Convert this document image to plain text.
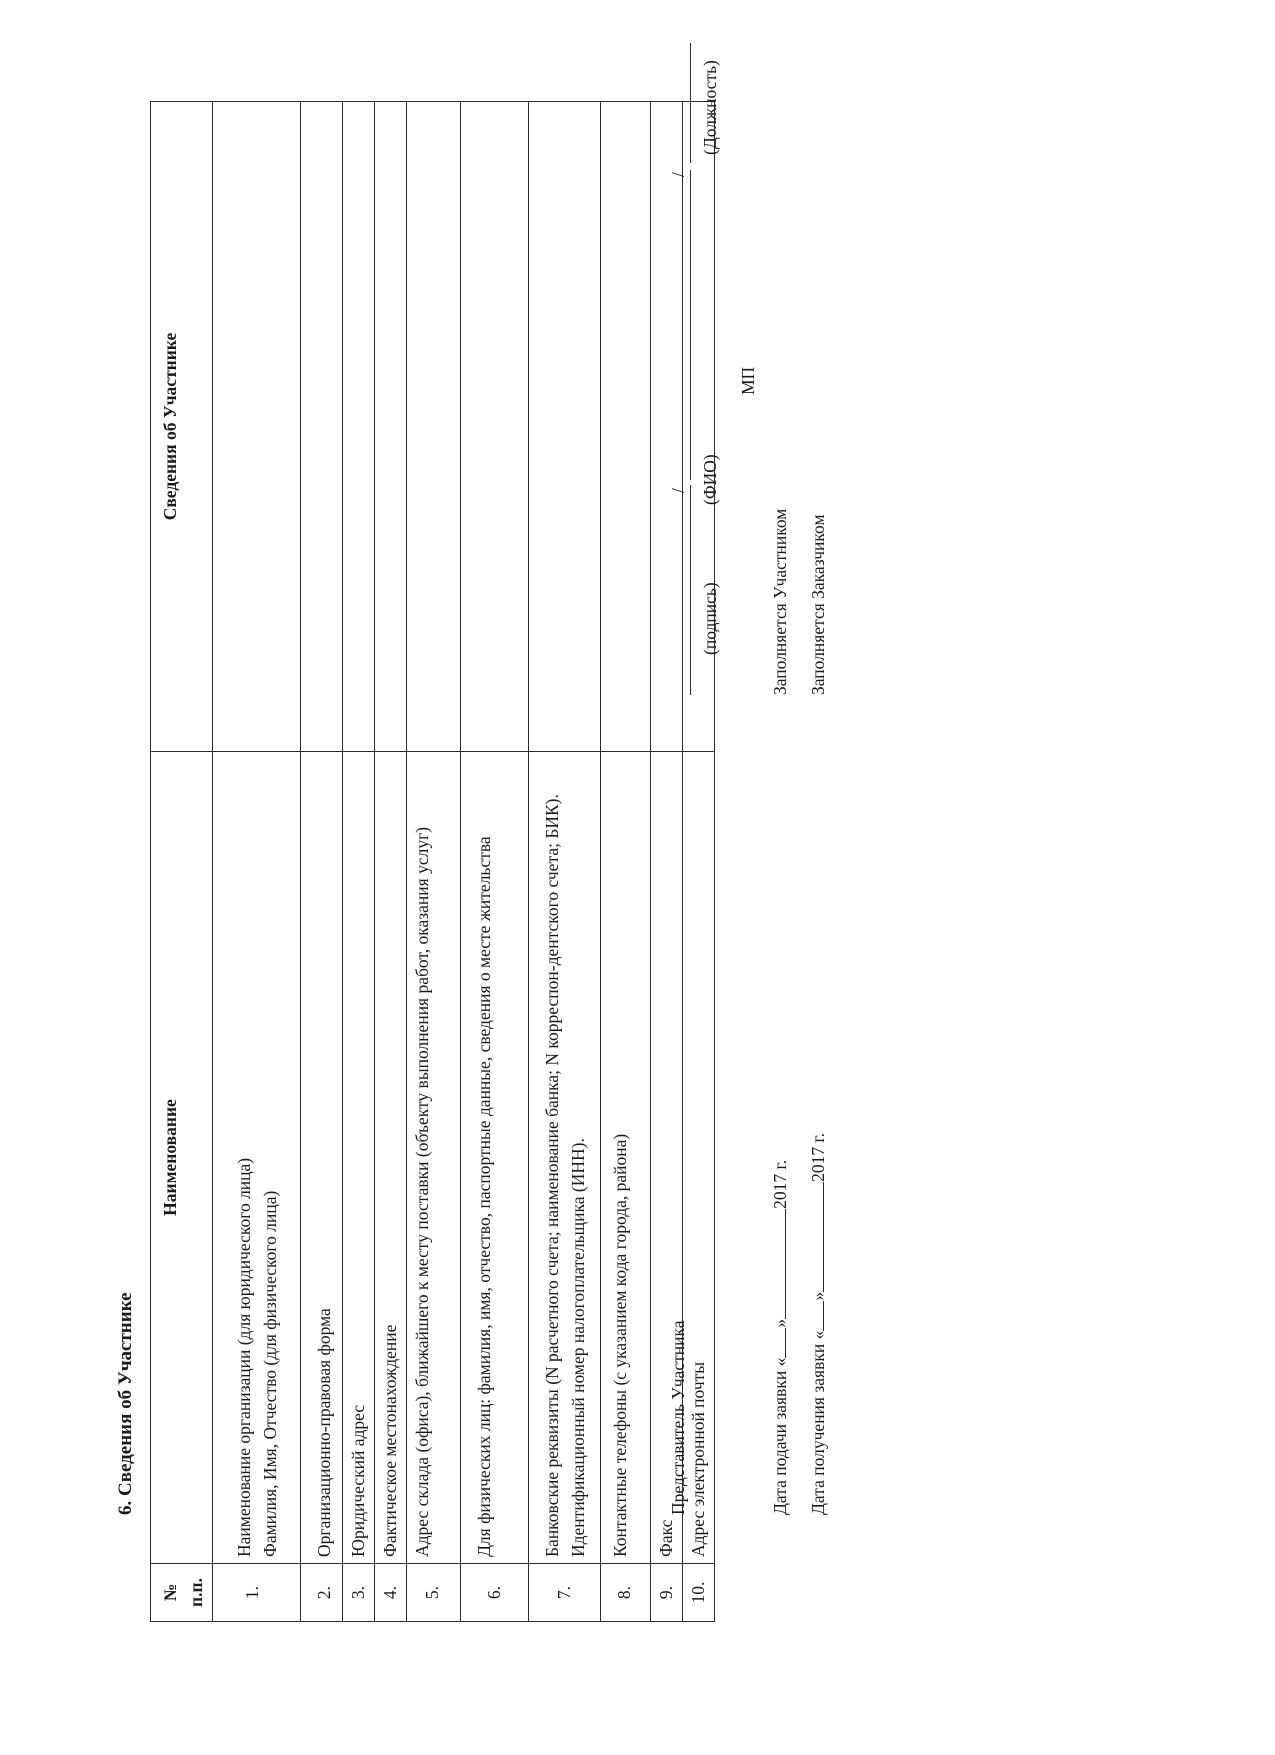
6. Сведения об Участнике
№ п.п.	Наименование	Сведения об Участнике
1.	Наименование организации (для юридического лица) Фамилия, Имя, Отчество (для физического лица)	

2.	Организационно-правовая форма	
3.	Юридический адрес	
4.	Фактическое местонахождение	
5.	Адрес склада (офиса), ближайшего к месту поставки (объекту выполнения работ, оказания услуг)	
6.	Для физических лиц: фамилия, имя, отчество, паспортные данные, сведения о месте жительства	
7.	Банковские реквизиты (N расчетного счета; наименование банка; N корреспон-дентского счета; БИК). Идентификационный номер налогоплательщика (ИНН).	
8.	Контактные телефоны (с указанием кода города, района)	
9.	Факс	
10.	Адрес электронной почты	
Представитель Участника
/
/
(подпись)
(ФИО)
(Должность)
МП
Дата подачи заявки «»2017 г.
Заполняется Участником
Дата получения заявки «»2017 г.
Заполняется Заказчиком
